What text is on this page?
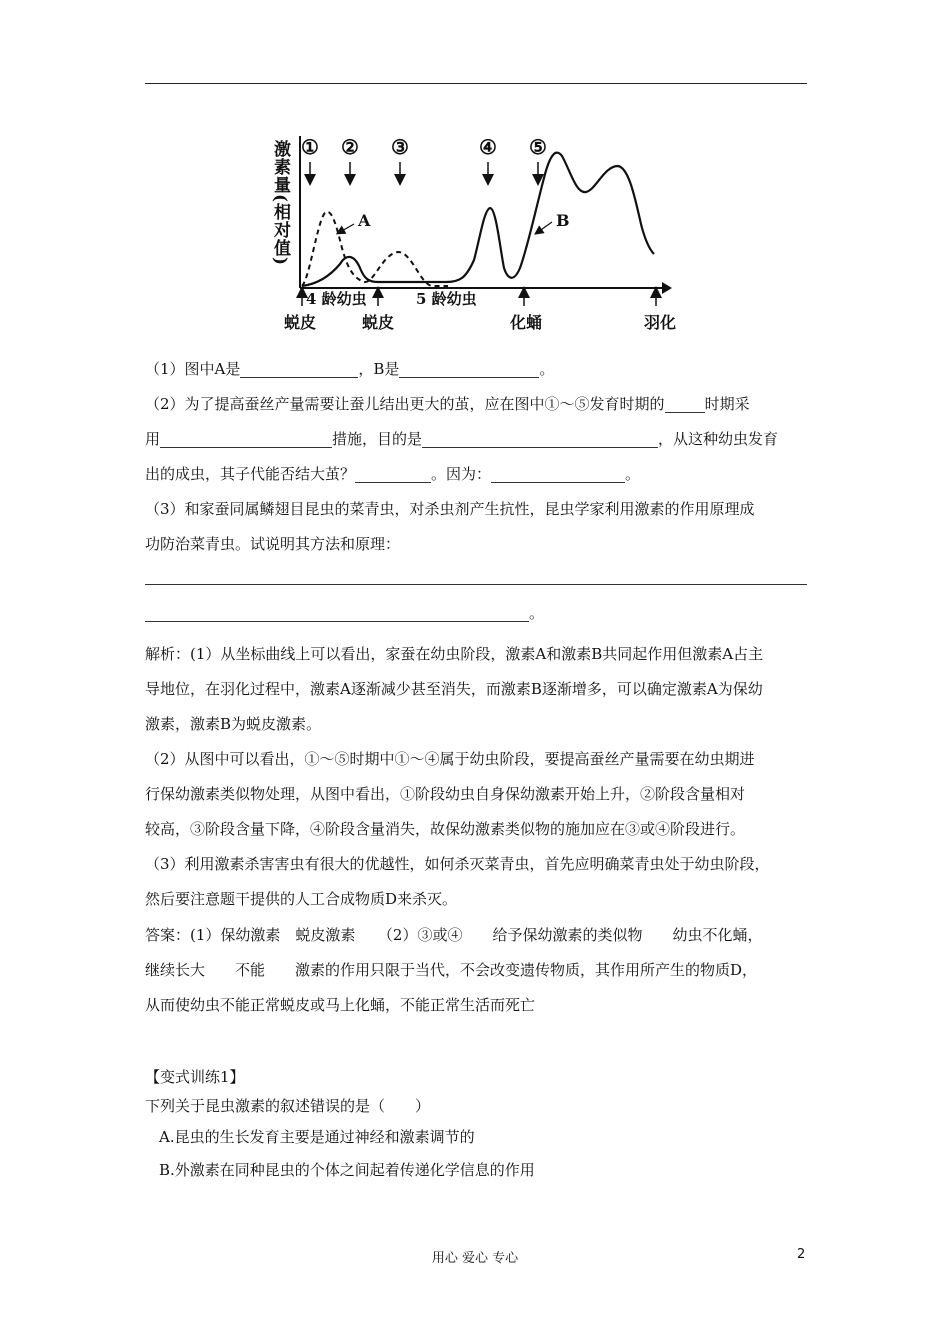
激素量(相对值)	A	B
① ② ③	④ ⑤
4 龄幼虫	5 龄幼虫
蜕皮	蜕皮	化蛹	羽化
（1）图中A是	，B是	。
（2）为了提高蚕丝产量需要让蚕儿结出更大的茧，应在图中①～⑤发育时期的	时期采
用	措施，目的是	，从这种幼虫发育
出的成虫，其子代能否结大茧？	。因为：	。
（3）和家蚕同属鳞翅目昆虫的菜青虫，对杀虫剂产生抗性，昆虫学家利用激素的作用原理成
功防治菜青虫。试说明其方法和原理：
。
解析：(1）从坐标曲线上可以看出，家蚕在幼虫阶段，激素A和激素B共同起作用但激素A占主
导地位，在羽化过程中，激素A逐渐减少甚至消失，而激素B逐渐增多，可以确定激素A为保幼
激素，激素B为蜕皮激素。
（2）从图中可以看出，①～⑤时期中①～④属于幼虫阶段，要提高蚕丝产量需要在幼虫期进
行保幼激素类似物处理，从图中看出，①阶段幼虫自身保幼激素开始上升，②阶段含量相对
较高，③阶段含量下降，④阶段含量消失，故保幼激素类似物的施加应在③或④阶段进行。
（3）利用激素杀害害虫有很大的优越性，如何杀灭菜青虫，首先应明确菜青虫处于幼虫阶段，
然后要注意题干提供的人工合成物质D来杀灭。
答案：(1）保幼激素　蜕皮激素　　（2）③或④　　给予保幼激素的类似物　　幼虫不化蛹，
继续长大　　不能　　激素的作用只限于当代，不会改变遗传物质，其作用所产生的物质D，
从而使幼虫不能正常蜕皮或马上化蛹，不能正常生活而死亡
【变式训练1】
下列关于昆虫激素的叙述错误的是（　　）
A.昆虫的生长发育主要是通过神经和激素调节的
B.外激素在同种昆虫的个体之间起着传递化学信息的作用
用心 爱心 专心	2
